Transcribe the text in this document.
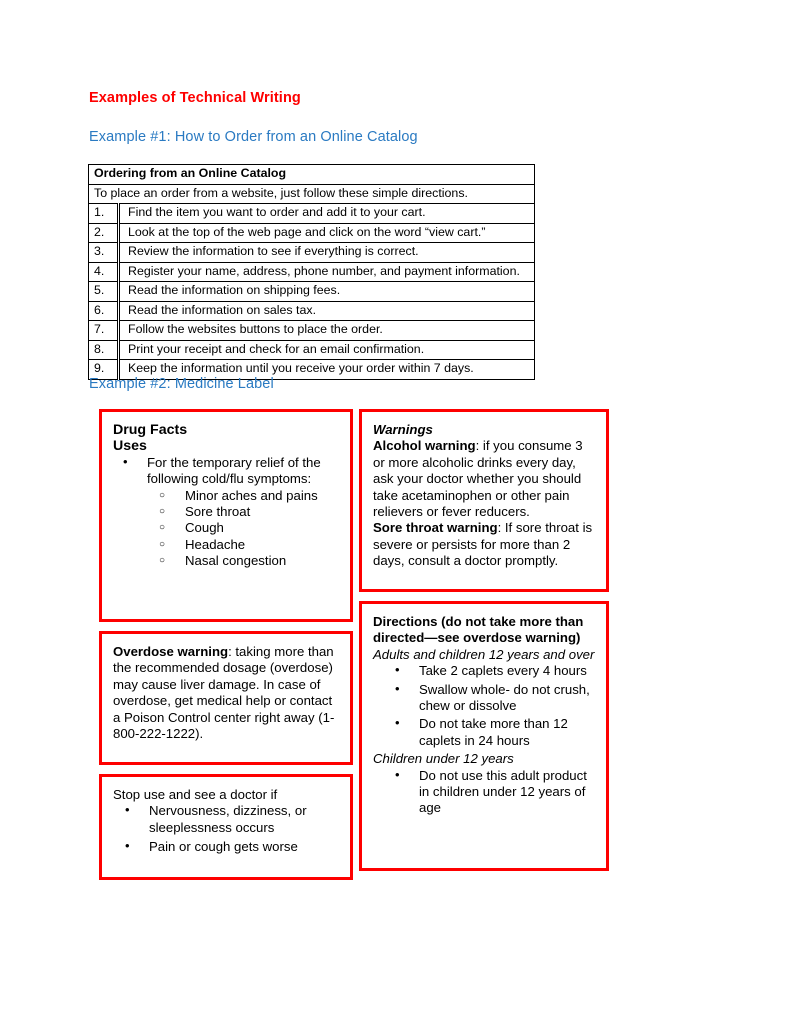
Examples of Technical Writing
Example #1: How to Order from an Online Catalog
Ordering from an Online Catalog	
To place an order from a website, just follow these simple directions.	
1.	Find the item you want to order and add it to your cart.
2.	Look at the top of the web page and click on the word “view cart.”
3.	Review the information to see if everything is correct.
4.	Register your name, address, phone number, and payment information.
5.	Read the information on shipping fees.
6.	Read the information on sales tax.
7.	Follow the websites buttons to place the order.
8.	Print your receipt and check for an email confirmation.
9.	Keep the information until you receive your order within 7 days.
Example #2: Medicine Label

Drug Facts

Uses

• For the temporary relief of the following cold/flu symptoms:
○ Minor aches and pains
○ Sore throat
○ Cough
○ Headache
○ Nasal congestion

Overdose warning: taking more than the recommended dosage (overdose) may cause liver damage. In case of overdose, get medical help or contact a Poison Control center right away (1-800-222-1222).

Stop use and see a doctor if

• Nervousness, dizziness, or sleeplessness occurs
• Pain or cough gets worse

Warnings

Alcohol warning: if you consume 3 or more alcoholic drinks every day, ask your doctor whether you should take acetaminophen or other pain relievers or fever reducers.

Sore throat warning: If sore throat is severe or persists for more than 2 days, consult a doctor promptly.

Directions (do not take more than directed—see overdose warning)

Adults and children 12 years and over

• Take 2 caplets every 4 hours
• Swallow whole- do not crush, chew or dissolve
• Do not take more than 12 caplets in 24 hours

Children under 12 years

• Do not use this adult product in children under 12 years of age
